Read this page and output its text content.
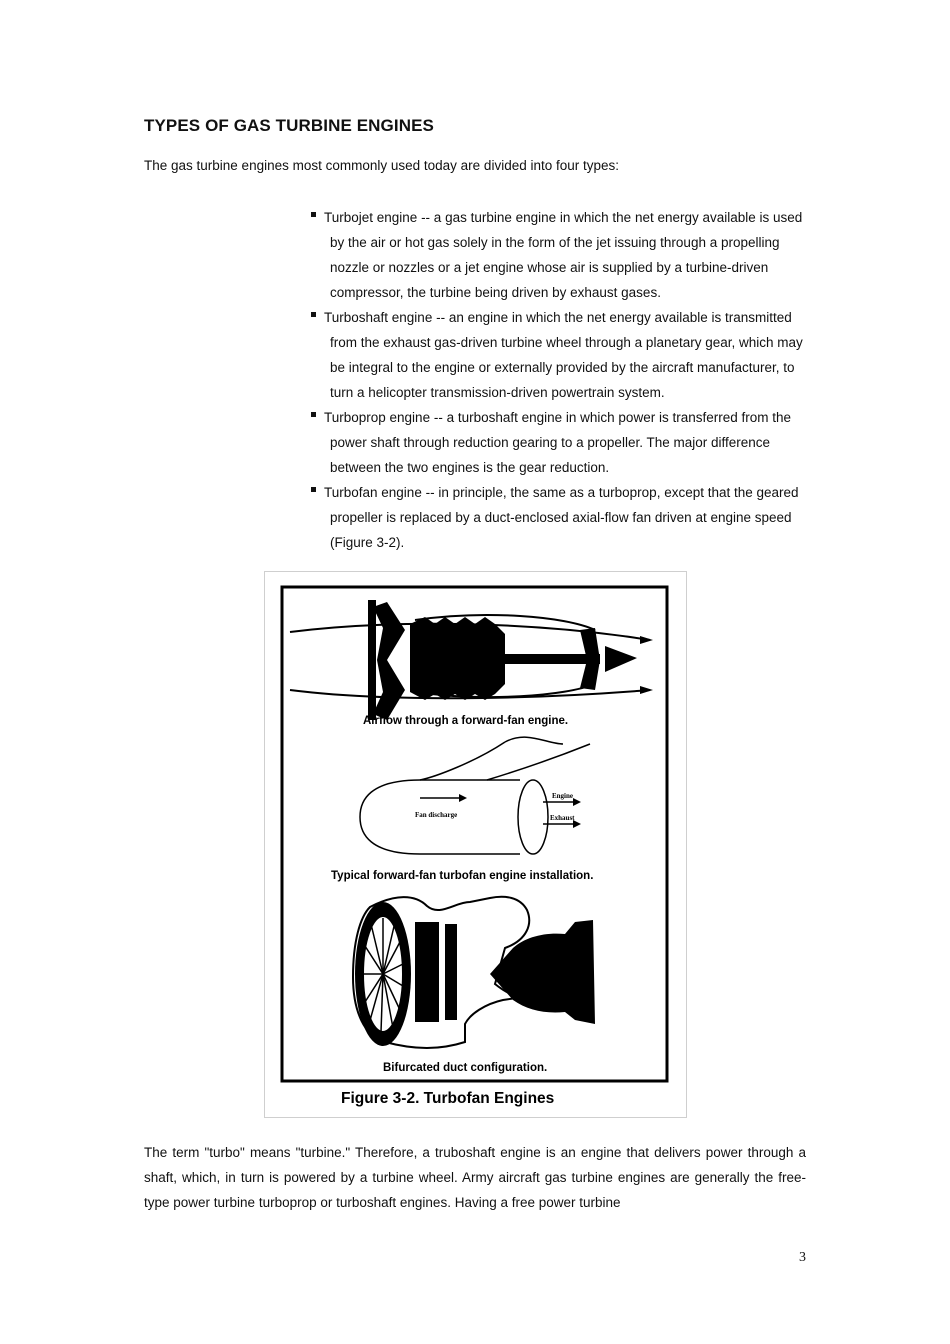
TYPES OF GAS TURBINE ENGINES

The gas turbine engines most commonly used today are divided into four types:

Turbojet engine -- a gas turbine engine in which the net energy available is used by the air or hot gas solely in the form of the jet issuing through a propelling nozzle or nozzles or a jet engine whose air is supplied by a turbine-driven compressor, the turbine being driven by exhaust gases.
Turboshaft engine -- an engine in which the net energy available is transmitted from the exhaust gas-driven turbine wheel through a planetary gear, which may be integral to the engine or externally provided by the aircraft manufacturer, to turn a helicopter transmission-driven powertrain system.
Turboprop engine -- a turboshaft engine in which power is transferred from the power shaft through reduction gearing to a propeller. The major difference between the two engines is the gear reduction.
Turbofan engine -- in principle, the same as a turboprop, except that the geared propeller is replaced by a duct-enclosed axial-flow fan driven at engine speed (Figure 3-2).
Airflow through a forward-fan engine.
Fan discharge
Engine
Exhaust
Typical forward-fan turbofan engine installation.
Bifurcated duct configuration.
Figure 3-2. Turbofan Engines

The term "turbo" means "turbine." Therefore, a truboshaft engine is an engine that delivers power through a shaft, which, in turn is powered by a turbine wheel. Army aircraft gas turbine engines are generally the free-type power turbine turboprop or turboshaft engines. Having a free power turbine

3
